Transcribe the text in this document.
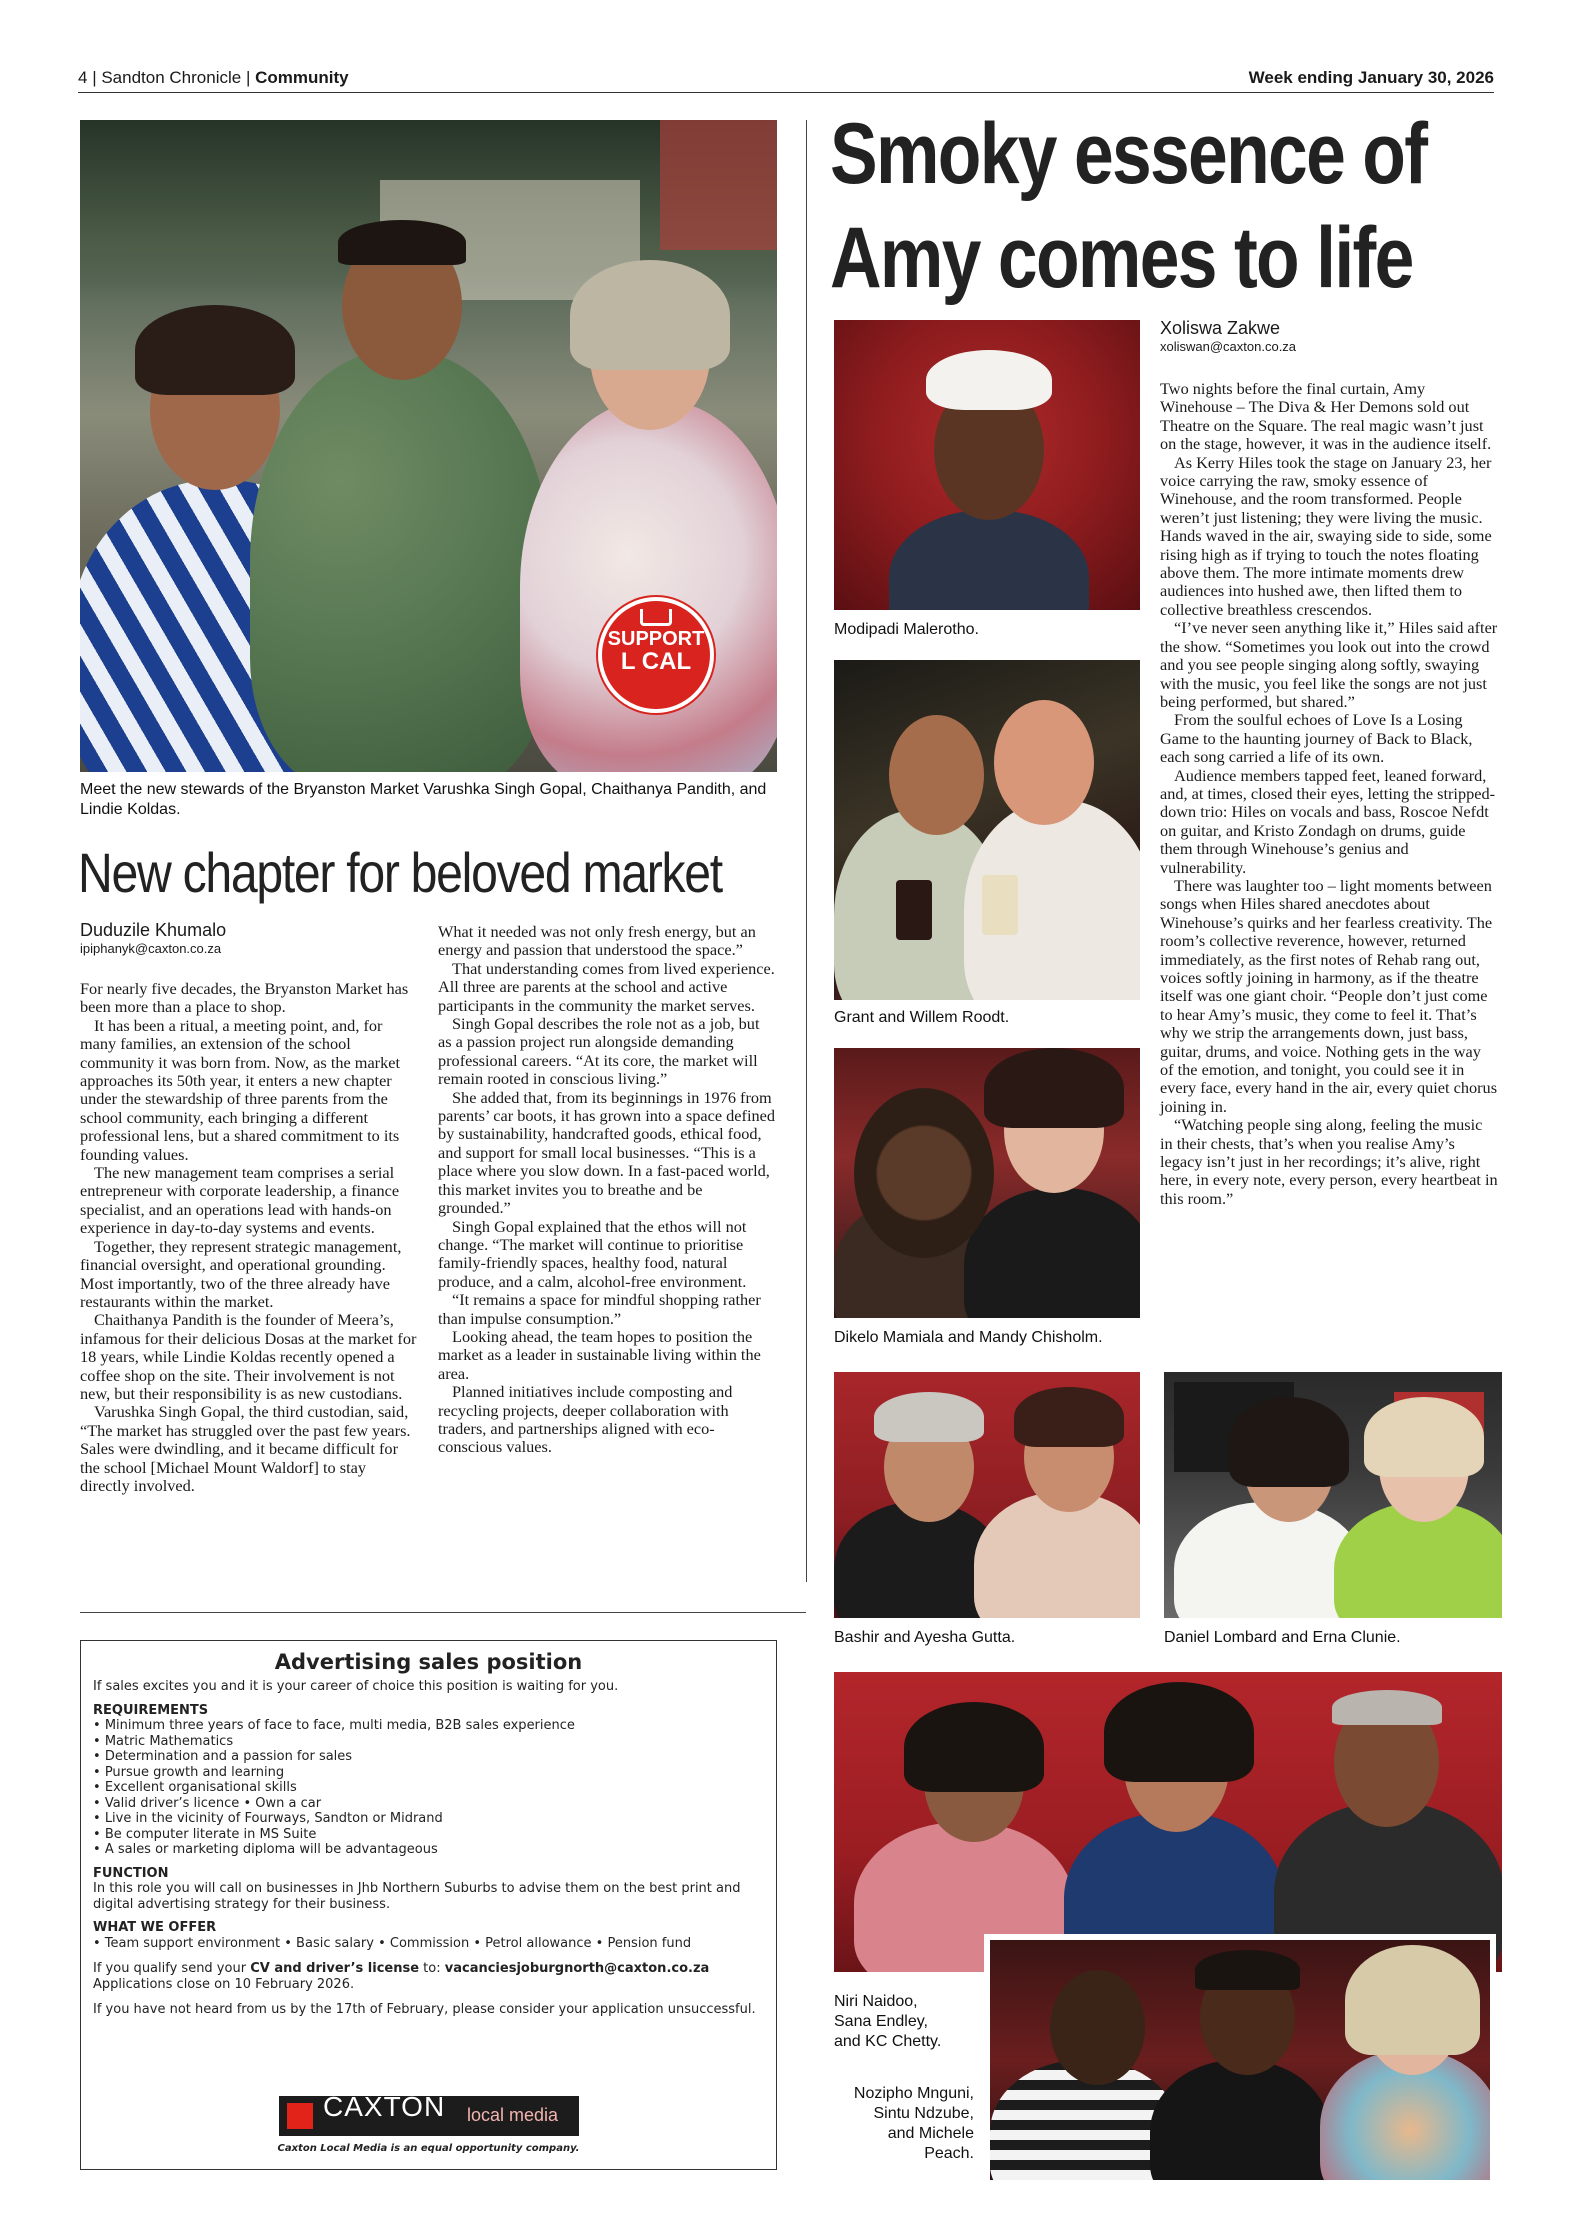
4 | Sandton Chronicle | Community	Week ending January 30, 2026
SUPPORT
L CAL
Meet the new stewards of the Bryanston Market Varushka Singh Gopal, Chaithanya Pandith, and Lindie Koldas.
New chapter for beloved market
Duduzile Khumalo
ipiphanyk@caxton.co.za

For nearly five decades, the Bryanston Market has been more than a place to shop.

It has been a ritual, a meeting point, and, for many families, an extension of the school community it was born from. Now, as the market approaches its 50th year, it enters a new chapter under the stewardship of three parents from the school community, each bringing a different professional lens, but a shared commitment to its founding values.

The new management team comprises a serial entrepreneur with corporate leadership, a finance specialist, and an operations lead with hands-on experience in day-to-day systems and events.

Together, they represent strategic management, financial oversight, and operational grounding. Most importantly, two of the three already have restaurants within the market.

Chaithanya Pandith is the founder of Meera’s, infamous for their delicious Dosas at the market for 18 years, while Lindie Koldas recently opened a coffee shop on the site. Their involvement is not new, but their responsibility is as new custodians.

Varushka Singh Gopal, the third custodian, said, “The market has struggled over the past few years. Sales were dwindling, and it became difficult for the school [Michael Mount Waldorf] to stay directly involved.

What it needed was not only fresh energy, but an energy and passion that understood the space.”

That understanding comes from lived experience. All three are parents at the school and active participants in the community the market serves.

Singh Gopal describes the role not as a job, but as a passion project run alongside demanding professional careers. “At its core, the market will remain rooted in conscious living.”

She added that, from its beginnings in 1976 from parents’ car boots, it has grown into a space defined by sustainability, handcrafted goods, ethical food, and support for small local businesses. “This is a place where you slow down. In a fast-paced world, this market invites you to breathe and be grounded.”

Singh Gopal explained that the ethos will not change. “The market will continue to prioritise family-friendly spaces, healthy food, natural produce, and a calm, alcohol-free environment.

“It remains a space for mindful shopping rather than impulse consumption.”

Looking ahead, the team hopes to position the market as a leader in sustainable living within the area.

Planned initiatives include composting and recycling projects, deeper collaboration with traders, and partnerships aligned with eco-conscious values.

Advertising sales position
If sales excites you and it is your career of choice this position is waiting for you.
REQUIREMENTS
• Minimum three years of face to face, multi media, B2B sales experience
• Matric Mathematics
• Determination and a passion for sales
• Pursue growth and learning
• Excellent organisational skills
• Valid driver’s licence • Own a car
• Live in the vicinity of Fourways, Sandton or Midrand
• Be computer literate in MS Suite
• A sales or marketing diploma will be advantageous
FUNCTION
In this role you will call on businesses in Jhb Northern Suburbs to advise them on the best print and digital advertising strategy for their business.
WHAT WE OFFER
• Team support environment • Basic salary • Commission • Petrol allowance • Pension fund
If you qualify send your CV and driver’s license to: vacanciesjoburgnorth@caxton.co.za
Applications close on 10 February 2026.
If you have not heard from us by the 17th of February, please consider your application unsuccessful.
CAXTON local media
Caxton Local Media is an equal opportunity company.
Smoky essence of
Amy comes to life
Xoliswa Zakwe
xoliswan@caxton.co.za

Two nights before the final curtain, Amy Winehouse – The Diva & Her Demons sold out Theatre on the Square. The real magic wasn’t just on the stage, however, it was in the audience itself.

As Kerry Hiles took the stage on January 23, her voice carrying the raw, smoky essence of Winehouse, and the room transformed. People weren’t just listening; they were living the music. Hands waved in the air, swaying side to side, some rising high as if trying to touch the notes floating above them. The more intimate moments drew audiences into hushed awe, then lifted them to collective breathless crescendos.

“I’ve never seen anything like it,” Hiles said after the show. “Sometimes you look out into the crowd and you see people singing along softly, swaying with the music, you feel like the songs are not just being performed, but shared.”

From the soulful echoes of Love Is a Losing Game to the haunting journey of Back to Black, each song carried a life of its own.

Audience members tapped feet, leaned forward, and, at times, closed their eyes, letting the stripped-down trio: Hiles on vocals and bass, Roscoe Nefdt on guitar, and Kristo Zondagh on drums, guide them through Winehouse’s genius and vulnerability.

There was laughter too – light moments between songs when Hiles shared anecdotes about Winehouse’s quirks and her fearless creativity. The room’s collective reverence, however, returned immediately, as the first notes of Rehab rang out, voices softly joining in harmony, as if the theatre itself was one giant choir. “People don’t just come to hear Amy’s music, they come to feel it. That’s why we strip the arrangements down, just bass, guitar, drums, and voice. Nothing gets in the way of the emotion, and tonight, you could see it in every face, every hand in the air, every quiet chorus joining in.

“Watching people sing along, feeling the music in their chests, that’s when you realise Amy’s legacy isn’t just in her recordings; it’s alive, right here, in every note, every person, every heartbeat in this room.”

Modipadi Malerotho.
Grant and Willem Roodt.
Dikelo Mamiala and Mandy Chisholm.
Bashir and Ayesha Gutta.	Daniel Lombard and Erna Clunie.
Niri Naidoo,
Sana Endley,
and KC Chetty.
Nozipho Mnguni,
Sintu Ndzube,
and Michele
Peach.
